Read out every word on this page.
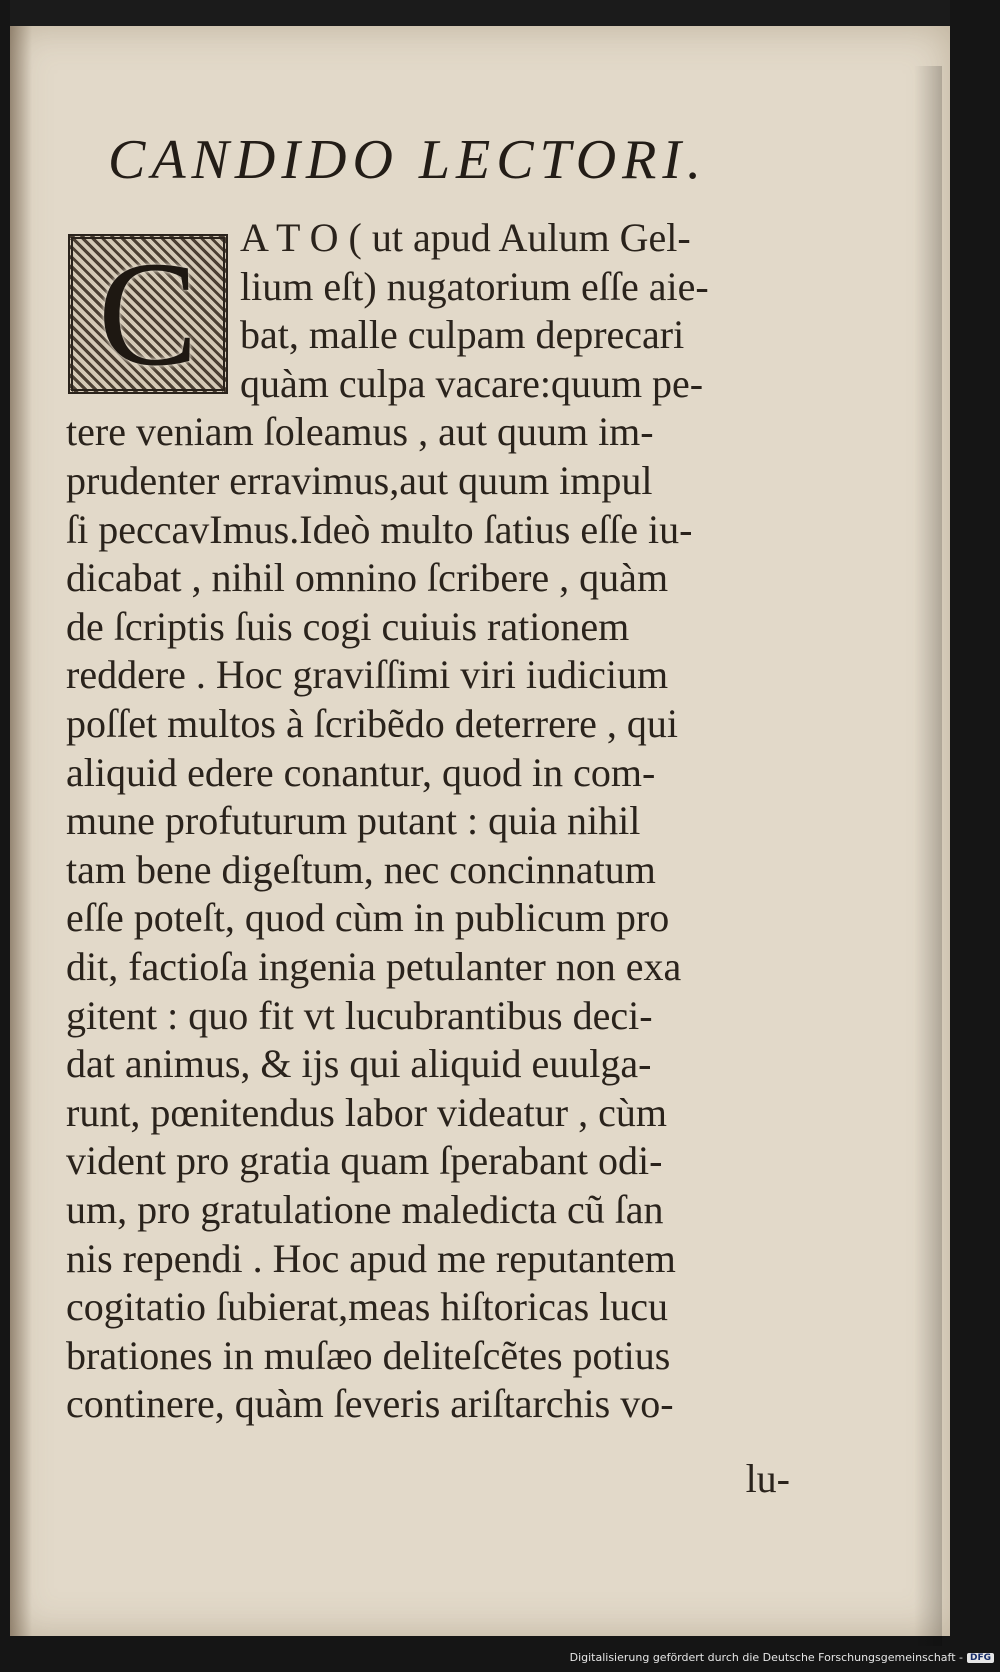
CANDIDO LECTORI.
C	A T O ( ut apud Aulum Gel-
lium eſt) nugatorium eſſe aie-
bat, malle culpam deprecari
quàm culpa vacare:quum pe-
tere veniam ſoleamus , aut quum im-
prudenter erravimus,aut quum impul
ſi peccavImus.Ideò multo ſatius eſſe iu-
dicabat , nihil omnino ſcribere , quàm
de ſcriptis ſuis cogi cuiuis rationem
reddere . Hoc graviſſimi viri iudicium
poſſet multos à ſcribẽdo deterrere , qui
aliquid edere conantur, quod in com-
mune profuturum putant : quia nihil
tam bene digeſtum, nec concinnatum
eſſe poteſt, quod cùm in publicum pro
dit, factioſa ingenia petulanter non exa
gitent : quo fit vt lucubrantibus deci-
dat animus, & ijs qui aliquid euulga-
runt, pœnitendus labor videatur , cùm
vident pro gratia quam ſperabant odi-
um, pro gratulatione maledicta cũ ſan
nis rependi . Hoc apud me reputantem
cogitatio ſubierat,meas hiſtoricas lucu
brationes in muſæo deliteſcẽtes potius
continere, quàm ſeveris ariſtarchis vo-
lu-
Digitalisierung gefördert durch die Deutsche Forschungsgemeinschaft - DFG
